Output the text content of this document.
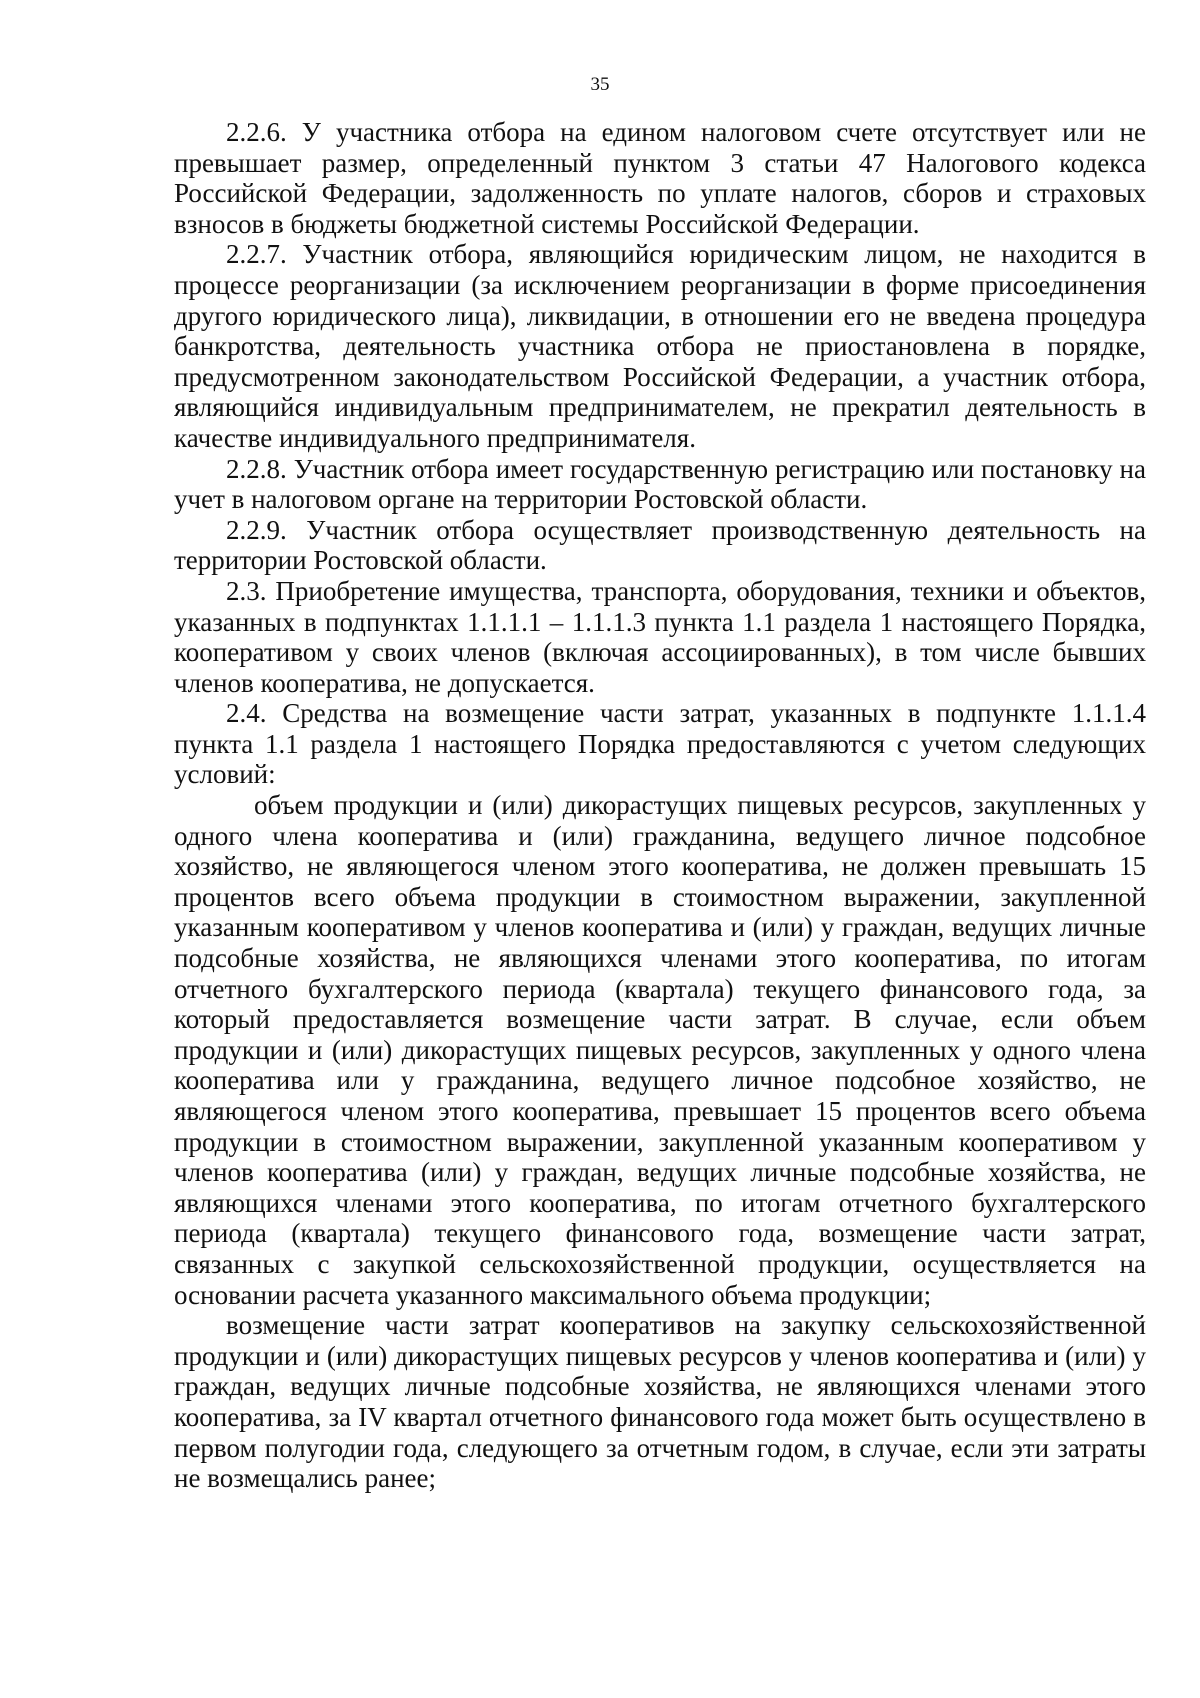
35

2.2.6. У участника отбора на едином налоговом счете отсутствует или не превышает размер, определенный пунктом 3 статьи 47 Налогового кодекса Российской Федерации, задолженность по уплате налогов, сборов и страховых взносов в бюджеты бюджетной системы Российской Федерации.

2.2.7. Участник отбора, являющийся юридическим лицом, не находится в процессе реорганизации (за исключением реорганизации в форме присоединения другого юридического лица), ликвидации, в отношении его не введена процедура банкротства, деятельность участника отбора не приостановлена в порядке, предусмотренном законодательством Российской Федерации, а участник отбора, являющийся индивидуальным предпринимателем, не прекратил деятельность в качестве индивидуального предпринимателя.

2.2.8. Участник отбора имеет государственную регистрацию или постановку на учет в налоговом органе на территории Ростовской области.

2.2.9. Участник отбора осуществляет производственную деятельность на территории Ростовской области.

2.3. Приобретение имущества, транспорта, оборудования, техники и объектов, указанных в подпунктах 1.1.1.1 – 1.1.1.3 пункта 1.1 раздела 1 настоящего Порядка, кооперативом у своих членов (включая ассоциированных), в том числе бывших членов кооператива, не допускается.

2.4. Средства на возмещение части затрат, указанных в подпункте 1.1.1.4 пункта 1.1 раздела 1 настоящего Порядка предоставляются с учетом следующих условий:

объем продукции и (или) дикорастущих пищевых ресурсов, закупленных у одного члена кооператива и (или) гражданина, ведущего личное подсобное хозяйство, не являющегося членом этого кооператива, не должен превышать 15 процентов всего объема продукции в стоимостном выражении, закупленной указанным кооперативом у членов кооператива и (или) у граждан, ведущих личные подсобные хозяйства, не являющихся членами этого кооператива, по итогам отчетного бухгалтерского периода (квартала) текущего финансового года, за который предоставляется возмещение части затрат. В случае, если объем продукции и (или) дикорастущих пищевых ресурсов, закупленных у одного члена кооператива или у гражданина, ведущего личное подсобное хозяйство, не являющегося членом этого кооператива, превышает 15 процентов всего объема продукции в стоимостном выражении, закупленной указанным кооперативом у членов кооператива (или) у граждан, ведущих личные подсобные хозяйства, не являющихся членами этого кооператива, по итогам отчетного бухгалтерского периода (квартала) текущего финансового года, возмещение части затрат, связанных с закупкой сельскохозяйственной продукции, осуществляется на основании расчета указанного максимального объема продукции;

возмещение части затрат кооперативов на закупку сельскохозяйственной продукции и (или) дикорастущих пищевых ресурсов у членов кооператива и (или) у граждан, ведущих личные подсобные хозяйства, не являющихся членами этого кооператива, за IV квартал отчетного финансового года может быть осуществлено в первом полугодии года, следующего за отчетным годом, в случае, если эти затраты не возмещались ранее;
